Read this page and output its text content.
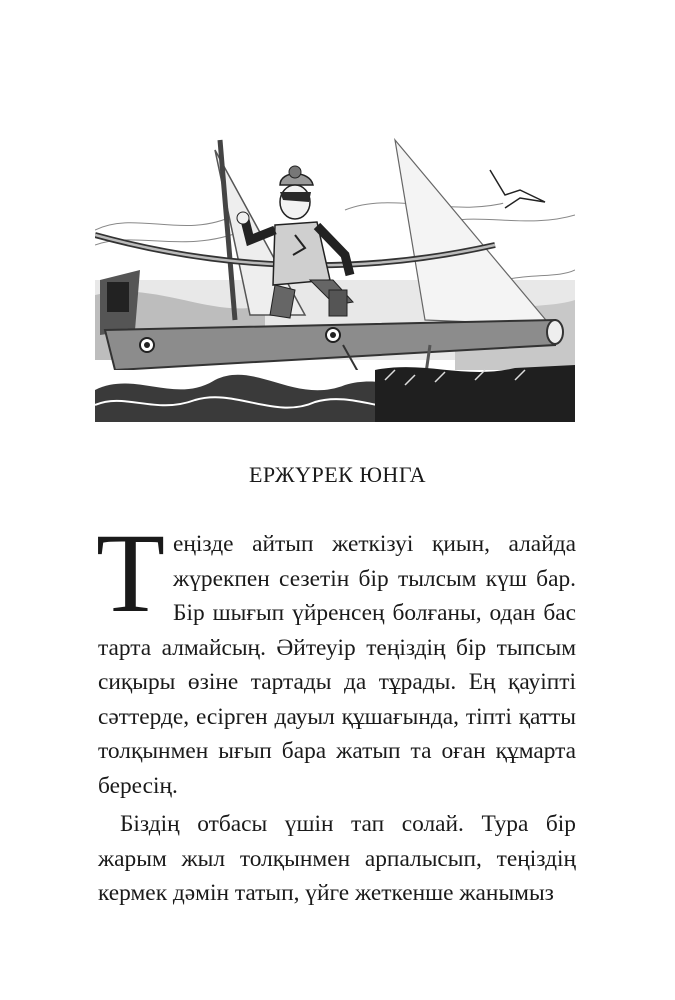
ЕРЖҮРЕК ЮНГА

Теңізде айтып жеткізуі қиын, алайда жүрекпен сезетін бір тылсым күш бар. Бір шығып үйренсең болғаны, одан бас тарта алмайсың. Әйтеуір теңіздің бір тыпсым сиқыры өзіне тартады да тұрады. Ең қауіпті сәттерде, есірген дауыл құшағында, тіпті қатты толқынмен ығып бара жатып та оған құмарта бересің.

Біздің отбасы үшін тап солай. Тура бір жарым жыл толқынмен арпалысып, теңіздің кермек дәмін татып, үйге жеткенше жанымыз
